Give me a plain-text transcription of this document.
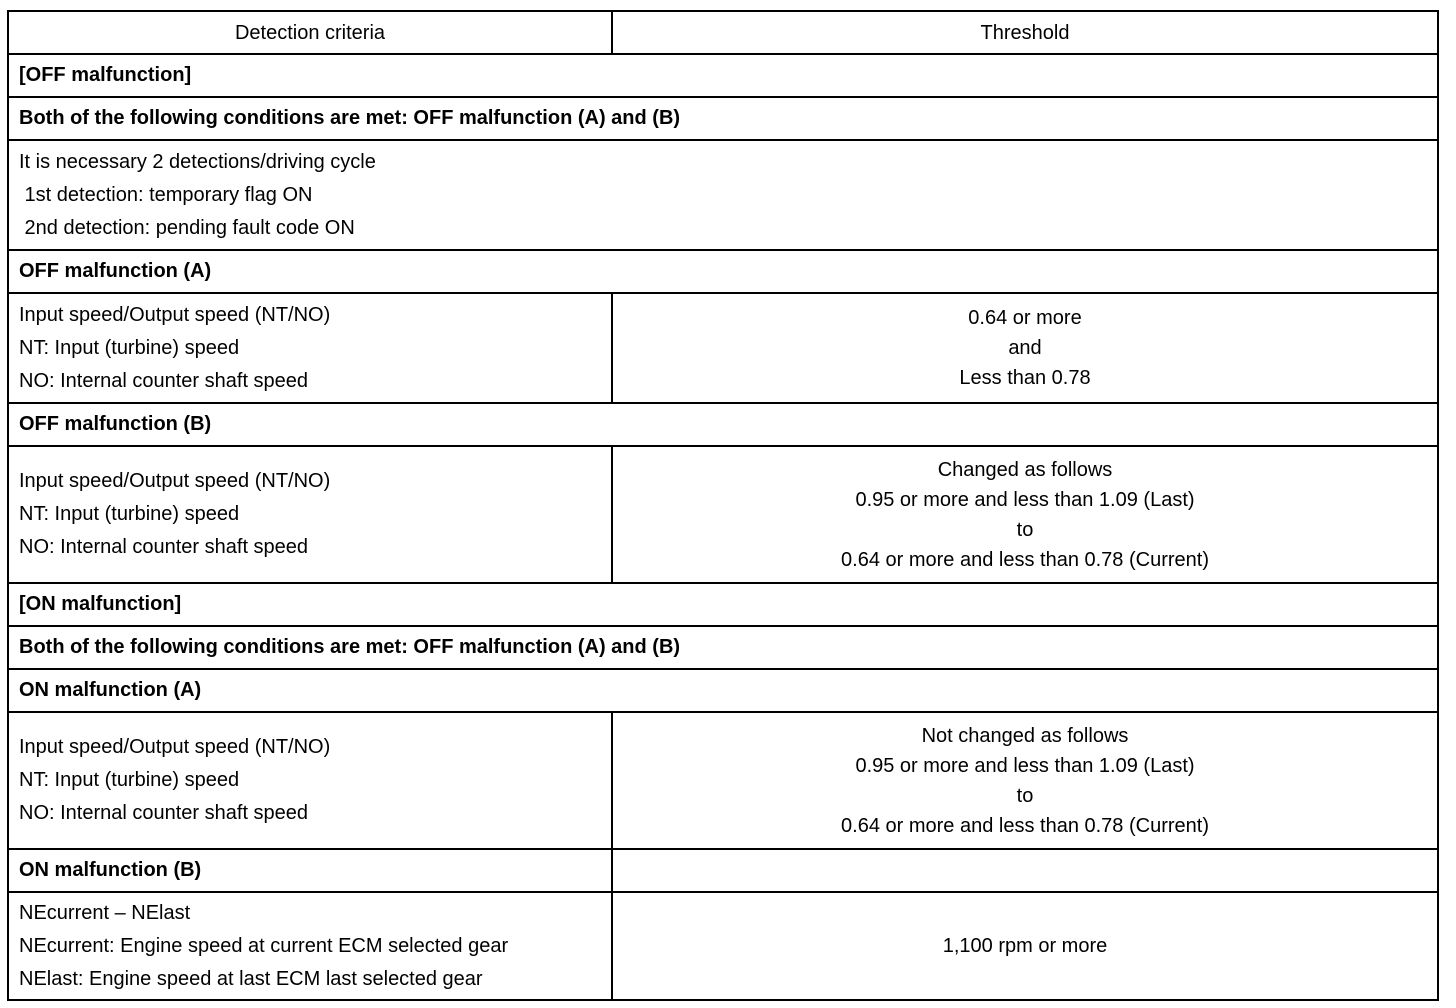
Detection criteria	Threshold
[OFF malfunction]	
Both of the following conditions are met: OFF malfunction (A) and (B)	

It is necessary 2 detections/driving cycle
1st detection: temporary flag ON
2nd detection: pending fault code ON	

OFF malfunction (A)	

Input speed/Output speed (NT/NO)
NT: Input (turbine) speed
NO: Internal counter shaft speed	0.64 or more
and
Less than 0.78

OFF malfunction (B)	

Input speed/Output speed (NT/NO)
NT: Input (turbine) speed
NO: Internal counter shaft speed	Changed as follows
0.95 or more and less than 1.09 (Last)
to
0.64 or more and less than 0.78 (Current)

[ON malfunction]	
Both of the following conditions are met: OFF malfunction (A) and (B)	
ON malfunction (A)	

Input speed/Output speed (NT/NO)
NT: Input (turbine) speed
NO: Internal counter shaft speed	Not changed as follows
0.95 or more and less than 1.09 (Last)
to
0.64 or more and less than 0.78 (Current)

ON malfunction (B)	

NEcurrent – NElast
NEcurrent: Engine speed at current ECM selected gear
NElast: Engine speed at last ECM last selected gear	1,100 rpm or more
